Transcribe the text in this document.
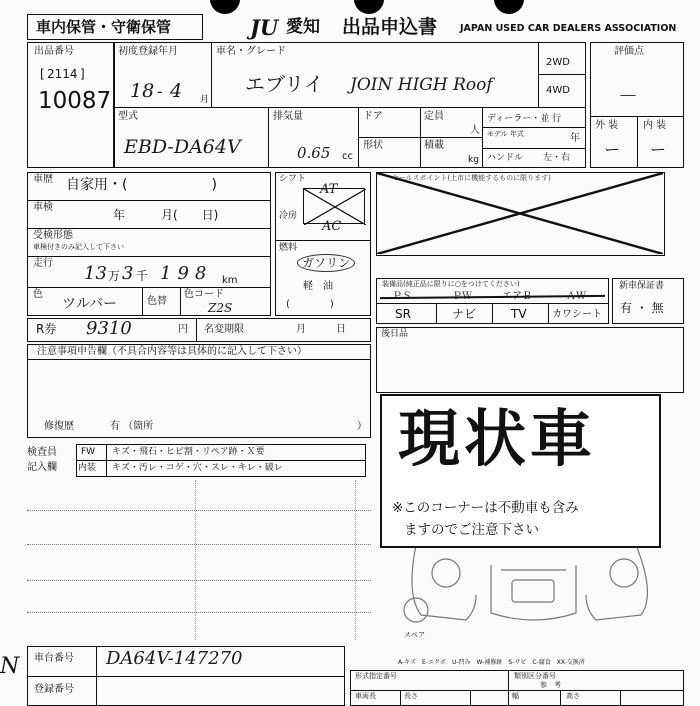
車内保管・守衛保管	JU 愛知 出品申込書 JAPAN USED CAR DEALERS ASSOCIATION
出品番号
[ 2114 ]
10087
初度登録年月
18 - 4 月
車名・グレード
エブリイ JOIN HIGH Roof
2WD
4WD
評価点
－
外 装 内 装
ー ー
型式
EBD-DA64V
排気量
0.65 cc
ドア	定員
人
形状	積載
kg
ディーラー・並 行
モデル 年式	年
ハンドル 左・右
車歴 自家用・(　　　　　　)
車検
年　　　月(　　日)
受検形態
車検付きのみ記入して下さい
走行 13 万 3 千 198 km
色
ツルバー	色替
色コード
Z2S
シフト
AT
冷房
AC
燃料
ガソリン
軽　油
(　　　　)
セールスポイント(上市に機能するものに限ります)
装備品(純正品に限りに○をつけてください)
SR	ナビ	TV	カワシート
新車保証書
有 ・ 無
R券 9310	円 名変期限	月　　　日	後日品
注意事項申告欄（不具合内容等は具体的に記入して下さい）
修復歴	有 （箇所	）
検査員
記入欄
FW キズ・飛石・ヒビ割・リペア跡・Ｘ要
内装 キズ・汚レ・コゲ・穴・スレ・キレ・破レ
スペア
現状車
※このコーナーは不動車も含み
ますのでご注意下さい
N 車台番号 DA64V-147270
登録番号
A-キズ　E-エクボ　U-凹み　W-補修跡　S-サビ　C-腐食　XX-交換済
形式指定番号	類別区分番号
参　考
車両長	長さ	幅	高さ
